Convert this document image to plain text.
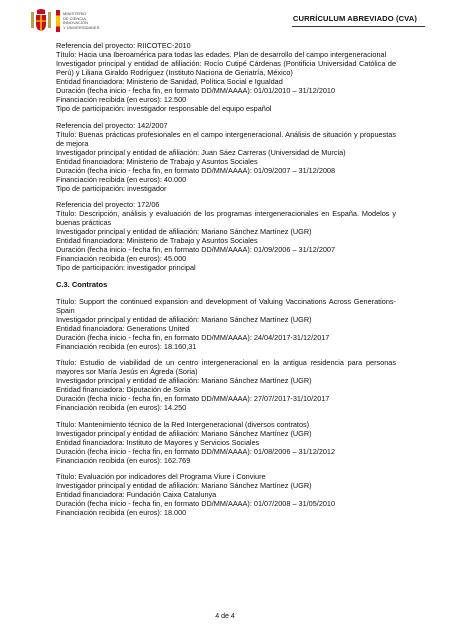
MINISTERIO
DE CIENCIA,
INNOVACIÓN
Y UNIVERSIDADES
CURRÍCULUM ABREVIADO (CVA)
Referencia del proyecto: RIICOTEC-2010
Título: Hacia una Iberoamérica para todas las edades. Plan de desarrollo del campo intergeneracional
Investigador principal y entidad de afiliación: Rocío Cutipé Cárdenas (Pontificia Universidad Católica de Perú) y Liliana Giraldo Rodríguez (Instituto Naciona de Geriatría, México)
Entidad financiadora: Ministerio de Sanidad, Política Social e Igualdad
Duración (fecha inicio - fecha fin, en formato DD/MM/AAAA): 01/01/2010 – 31/12/2010
Financiación recibida (en euros): 12.500
Tipo de participación: investigador responsable del equipo español
Referencia del proyecto: 142/2007
Título: Buenas prácticas profesionales en el campo intergeneracional. Análisis de situación y propuestas de mejora
Investigador principal y entidad de afiliación: Juan Sáez Carreras (Universidad de Murcia)
Entidad financiadora: Ministerio de Trabajo y Asuntos Sociales
Duración (fecha inicio - fecha fin, en formato DD/MM/AAAA): 01/09/2007 – 31/12/2008
Financiación recibida (en euros): 40.000
Tipo de participación: investigador
Referencia del proyecto: 172/06
Título: Descripción, análisis y evaluación de los programas intergeneracionales en España. Modelos y buenas prácticas
Investigador principal y entidad de afiliación: Mariano Sánchez Martínez (UGR)
Entidad financiadora: Ministerio de Trabajo y Asuntos Sociales
Duración (fecha inicio - fecha fin, en formato DD/MM/AAAA): 01/09/2006 – 31/12/2007
Financiación recibida (en euros): 45.000
Tipo de participación: investigador principal
C.3. Contratos
Título: Support the continued expansion and development of Valuing Vaccinations Across Generations-Spain
Investigador principal y entidad de afiliación: Mariano Sánchez Martínez (UGR)
Entidad financiadora: Generations United
Duración (fecha inicio - fecha fin, en formato DD/MM/AAAA): 24/04/2017-31/12/2017
Financiación recibida (en euros): 18.160,31
Título: Estudio de viabilidad de un centro intergeneracional en la antigua residencia para personas mayores sor María Jesús en Ágreda (Soria)
Investigador principal y entidad de afiliación: Mariano Sánchez Martínez (UGR)
Entidad financiadora: Diputación de Soria
Duración (fecha inicio - fecha fin, en formato DD/MM/AAAA): 27/07/2017-31/10/2017
Financiación recibida (en euros): 14.250
Título: Mantenimiento técnico de la Red Intergeneracional (diversos contratos)
Investigador principal y entidad de afiliación: Mariano Sánchez Martínez (UGR)
Entidad financiadora: Instituto de Mayores y Servicios Sociales
Duración (fecha inicio - fecha fin, en formato DD/MM/AAAA): 01/08/2006 – 31/12/2012
Financiación recibida (en euros): 162.769
Título: Evaluación por indicadores del Programa Viure i Conviure
Investigador principal y entidad de afiliación: Mariano Sánchez Martínez (UGR)
Entidad financiadora: Fundación Caixa Catalunya
Duración (fecha inicio - fecha fin, en formato DD/MM/AAAA): 01/07/2008 – 31/05/2010
Financiación recibida (en euros): 18.000
4 de 4
